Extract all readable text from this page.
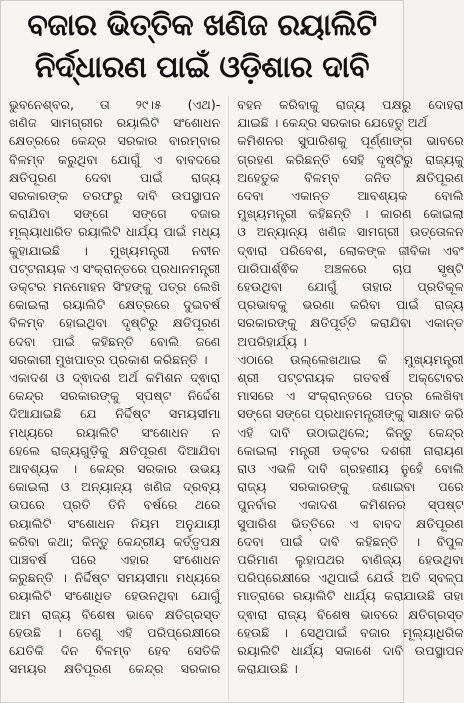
ବଜାର ଭିତ୍ତିକ ଖଣିଜ ରୟାଲିଟି
ନିର୍ଦ୍ଧାରଣ ପାଇଁ ଓଡ଼ିଶାର ଦାବି
ଭୁବନେଶ୍ବର, ତା ୨୯।୫ (ଏଥ)-
ଖଣିଜ ସାମଗ୍ରୀର ରୟାଲିଟି ସଂଶୋଧନ
କ୍ଷେତ୍ରରେ କେନ୍ଦ୍ର ସରକାର ବାରମ୍ବାର
ବିଳମ୍ବ କରୁଥିବା ଯୋଗୁଁ ଏ ବାବଦରେ
କ୍ଷତିପୂରଣ ଦେବା ପାଇଁ ରାଜ୍ୟ
ସରକାରଙ୍କ ତରଫରୁ ଦାବି ଉପସ୍ଥାପନ
କରାଯିବା ସଙ୍ଗେ ସଙ୍ଗେ ବଜାର
ମୂଲ୍ୟାଧାରିତ ରୟାଲିଟି ଧାର୍ଯ୍ୟ ପାଇଁ ମଧ୍ୟ
କୁହାଯାଇଛି । ମୁଖ୍ୟମନ୍ତ୍ରୀ ନବୀନ
ପଟ୍ଟନାୟକ ଏ ସଂକ୍ରାନ୍ତରେ ପ୍ରଧାନମନ୍ତ୍ରୀ
ଡକ୍ଟର ମନମୋହନ ସିଂହଙ୍କୁ ପତ୍ର ଲେଖି
କୋଇଲା ରୟାଲିଟି କ୍ଷେତ୍ରରେ ଦୁଇବର୍ଷ
ବିଳମ୍ବ ହୋଇଥିବା ଦୃଷ୍ଟିରୁ କ୍ଷତିପୂରଣ
ଦେବା ପାଇଁ କହିଛନ୍ତି ବୋଲି ଜଣେ
ସରକାରୀ ମୁଖପାତ୍ର ପ୍ରକାଶ କରିଛନ୍ତି ।
ଏକାଦଶ ଓ ଦ୍ଵାଦଶ ଅର୍ଥ କମିଶନ ଦ୍ଵାରା
କେନ୍ଦ୍ର ସରକାରଙ୍କୁ ସ୍ପଷ୍ଟ ନିର୍ଦ୍ଦେଶ
ଦିଆଯାଇଛି ଯେ ନିର୍ଦ୍ଦିଷ୍ଟ ସମୟସୀମା
ମଧ୍ୟରେ ରୟାଲିଟି ସଂଶୋଧନ ନ
ହେଲେ ରାଜ୍ୟଗୁଡ଼ିକୁ କ୍ଷତିପୂରଣ ଦିଆଯିବା
ଆବଶ୍ୟକ । କେନ୍ଦ୍ର ସରକାର ଉଭୟ
କୋଇଲା ଓ ଅନ୍ୟାନ୍ୟ ଖଣିଜ ଦ୍ରବ୍ୟ
ଉପରେ ପ୍ରତି ତିନି ବର୍ଷରେ ଥରେ
ରୟାଲିଟି ସଂଶୋଧନ ନିୟମ ଅନୁଯାୟୀ
କରିବା କଥା; କିନ୍ତୁ କେନ୍ଦ୍ରୀୟ କର୍ତ୍ତୃପକ୍ଷ
ପାଞ୍ଚବର୍ଷ ପରେ ଏହାର ସଂଶୋଧନ
କରୁଛନ୍ତି । ନିର୍ଦ୍ଦିଷ୍ଟ ସମୟସୀମା ମଧ୍ୟରେ
ରୟାଲିଟି ସଂଶୋଧିତ ହେଉନଥିବା ଯୋଗୁଁ
ଆମ ରାଜ୍ୟ ବିଶେଷ ଭାବେ କ୍ଷତିଗ୍ରସ୍ତ
ହେଉଛି । ତେଣୁ ଏହି ପରିପ୍ରେକ୍ଷୀରେ
ଯେତିକି ଦିନ ବିଳମ୍ବ ହେବ ସେତିକି
ସମୟର କ୍ଷତିପୂରଣ କେନ୍ଦ୍ର ସରକାର
ବହନ କରିବାକୁ ରାଜ୍ୟ ପକ୍ଷରୁ ଦୋହରା
ଯାଇଛି । କେନ୍ଦ୍ର ସରକାର ଯେହେତୁ ଅର୍ଥ
କମିଶନର ସୁପାରିଶକୁ ପୂର୍ଣ୍ଣାଙ୍ଗ ଭାବରେ
ଗ୍ରହଣ କରିଛନ୍ତି ସେହି ଦୃଷ୍ଟିରୁ ରାଜ୍ୟକୁ
ଅହେତୁକ ବିଳମ୍ବ ଜନିତ କ୍ଷତିପୂରଣ
ଦେବା ଏକାନ୍ତ ଆବଶ୍ୟକ ବୋଲି
ମୁଖ୍ୟମନ୍ତ୍ରୀ କହିଛନ୍ତି । କାରଣ କୋଇଲା
ଓ ଅନ୍ୟାନ୍ୟ ଖଣିଜ ସାମଗ୍ରୀ ଉତ୍ତୋଳନ
ଦ୍ଵାରା ପରିବେଶ, ଲୋକଙ୍କ ଜୀବିକା ଏବଂ
ପାରିପାର୍ଶ୍ଵିକ ଅଞ୍ଚଳରେ ଚାପ ସୃଷ୍ଟି
ହେଉଥିବା ଯୋଗୁଁ ତାହାର ପ୍ରତିକୂଳ
ପ୍ରଭାବକୁ ଭରଣା କରିବା ପାଇଁ ରାଜ୍ୟ
ସରକାରଙ୍କୁ କ୍ଷତିପୂର୍ତ୍ତି କରାଯିବା ଏକାନ୍ତ
ଅପରିହାର୍ଯ୍ୟ ।
ଏଠାରେ ଉଲ୍ଲେଖଥାଇ କି ମୁଖ୍ୟମନ୍ତ୍ରୀ
ଶ୍ରୀ ପଟ୍ଟନାୟକ ଗତବର୍ଷ ଅକ୍ଟୋବର
ମାସରେ ଏ ସଂକ୍ରାନ୍ତରେ ପତ୍ର ଲେଖିବା
ସଙ୍ଗେ ସଙ୍ଗେ ପ୍ରଧାନମନ୍ତ୍ରୀଙ୍କୁ ସାକ୍ଷାତ କରି
ଏହି ଦାବି ଉଠାଇଥିଲେ; କିନ୍ତୁ କେନ୍ଦ୍ର
କୋଇଲା ମନ୍ତ୍ରୀ ଡକ୍ଟର ଦଶରୀ ନାରାୟଣ
ରାଓ ଏଭଳି ଦାବି ଗ୍ରହଣୀୟ ନୁହେଁ ବୋଲି
ରାଜ୍ୟ ସରକାରଙ୍କୁ ଜଣାଇବା ପରେ
ପୁନର୍ବାର ଏକାଦଶ କମିଶନର ସ୍ପଷ୍ଟ
ସୁପାରିଶ ଭିତ୍ତିରେ ଏ ବାବଦ କ୍ଷତିପୂରଣ
ଦେବା ପାଇଁ ଦାବି କହିଛନ୍ତି । ବିପୁଳ
ପରିମାଣ ଲୁହାପଥର ବାଣିଜ୍ୟ ହେଉଥିବା
ପରିପ୍ରେକ୍ଷୀରେ ଏଥିପାଇଁ ଯେଉଁ ଅତି ସ୍ବଳ୍ପ
ମାତ୍ରାରେ ରୟାଲିଟି ଧାର୍ଯ୍ୟ କରାଯାଉଛି ତାହା
ଦ୍ଵାରା ରାଜ୍ୟ ବିଶେଷ ଭାବରେ କ୍ଷତିଗ୍ରସ୍ତ
ହେଉଛି । ସେଥିପାଇଁ ବଜାର ମୂଲ୍ୟାଧିରିକ
ରୟାଲିଟି ଧାର୍ଯ୍ୟ ସକାଶେ ଦାବି ଉପସ୍ଥାପନ
କରାଯାଉଛି ।
